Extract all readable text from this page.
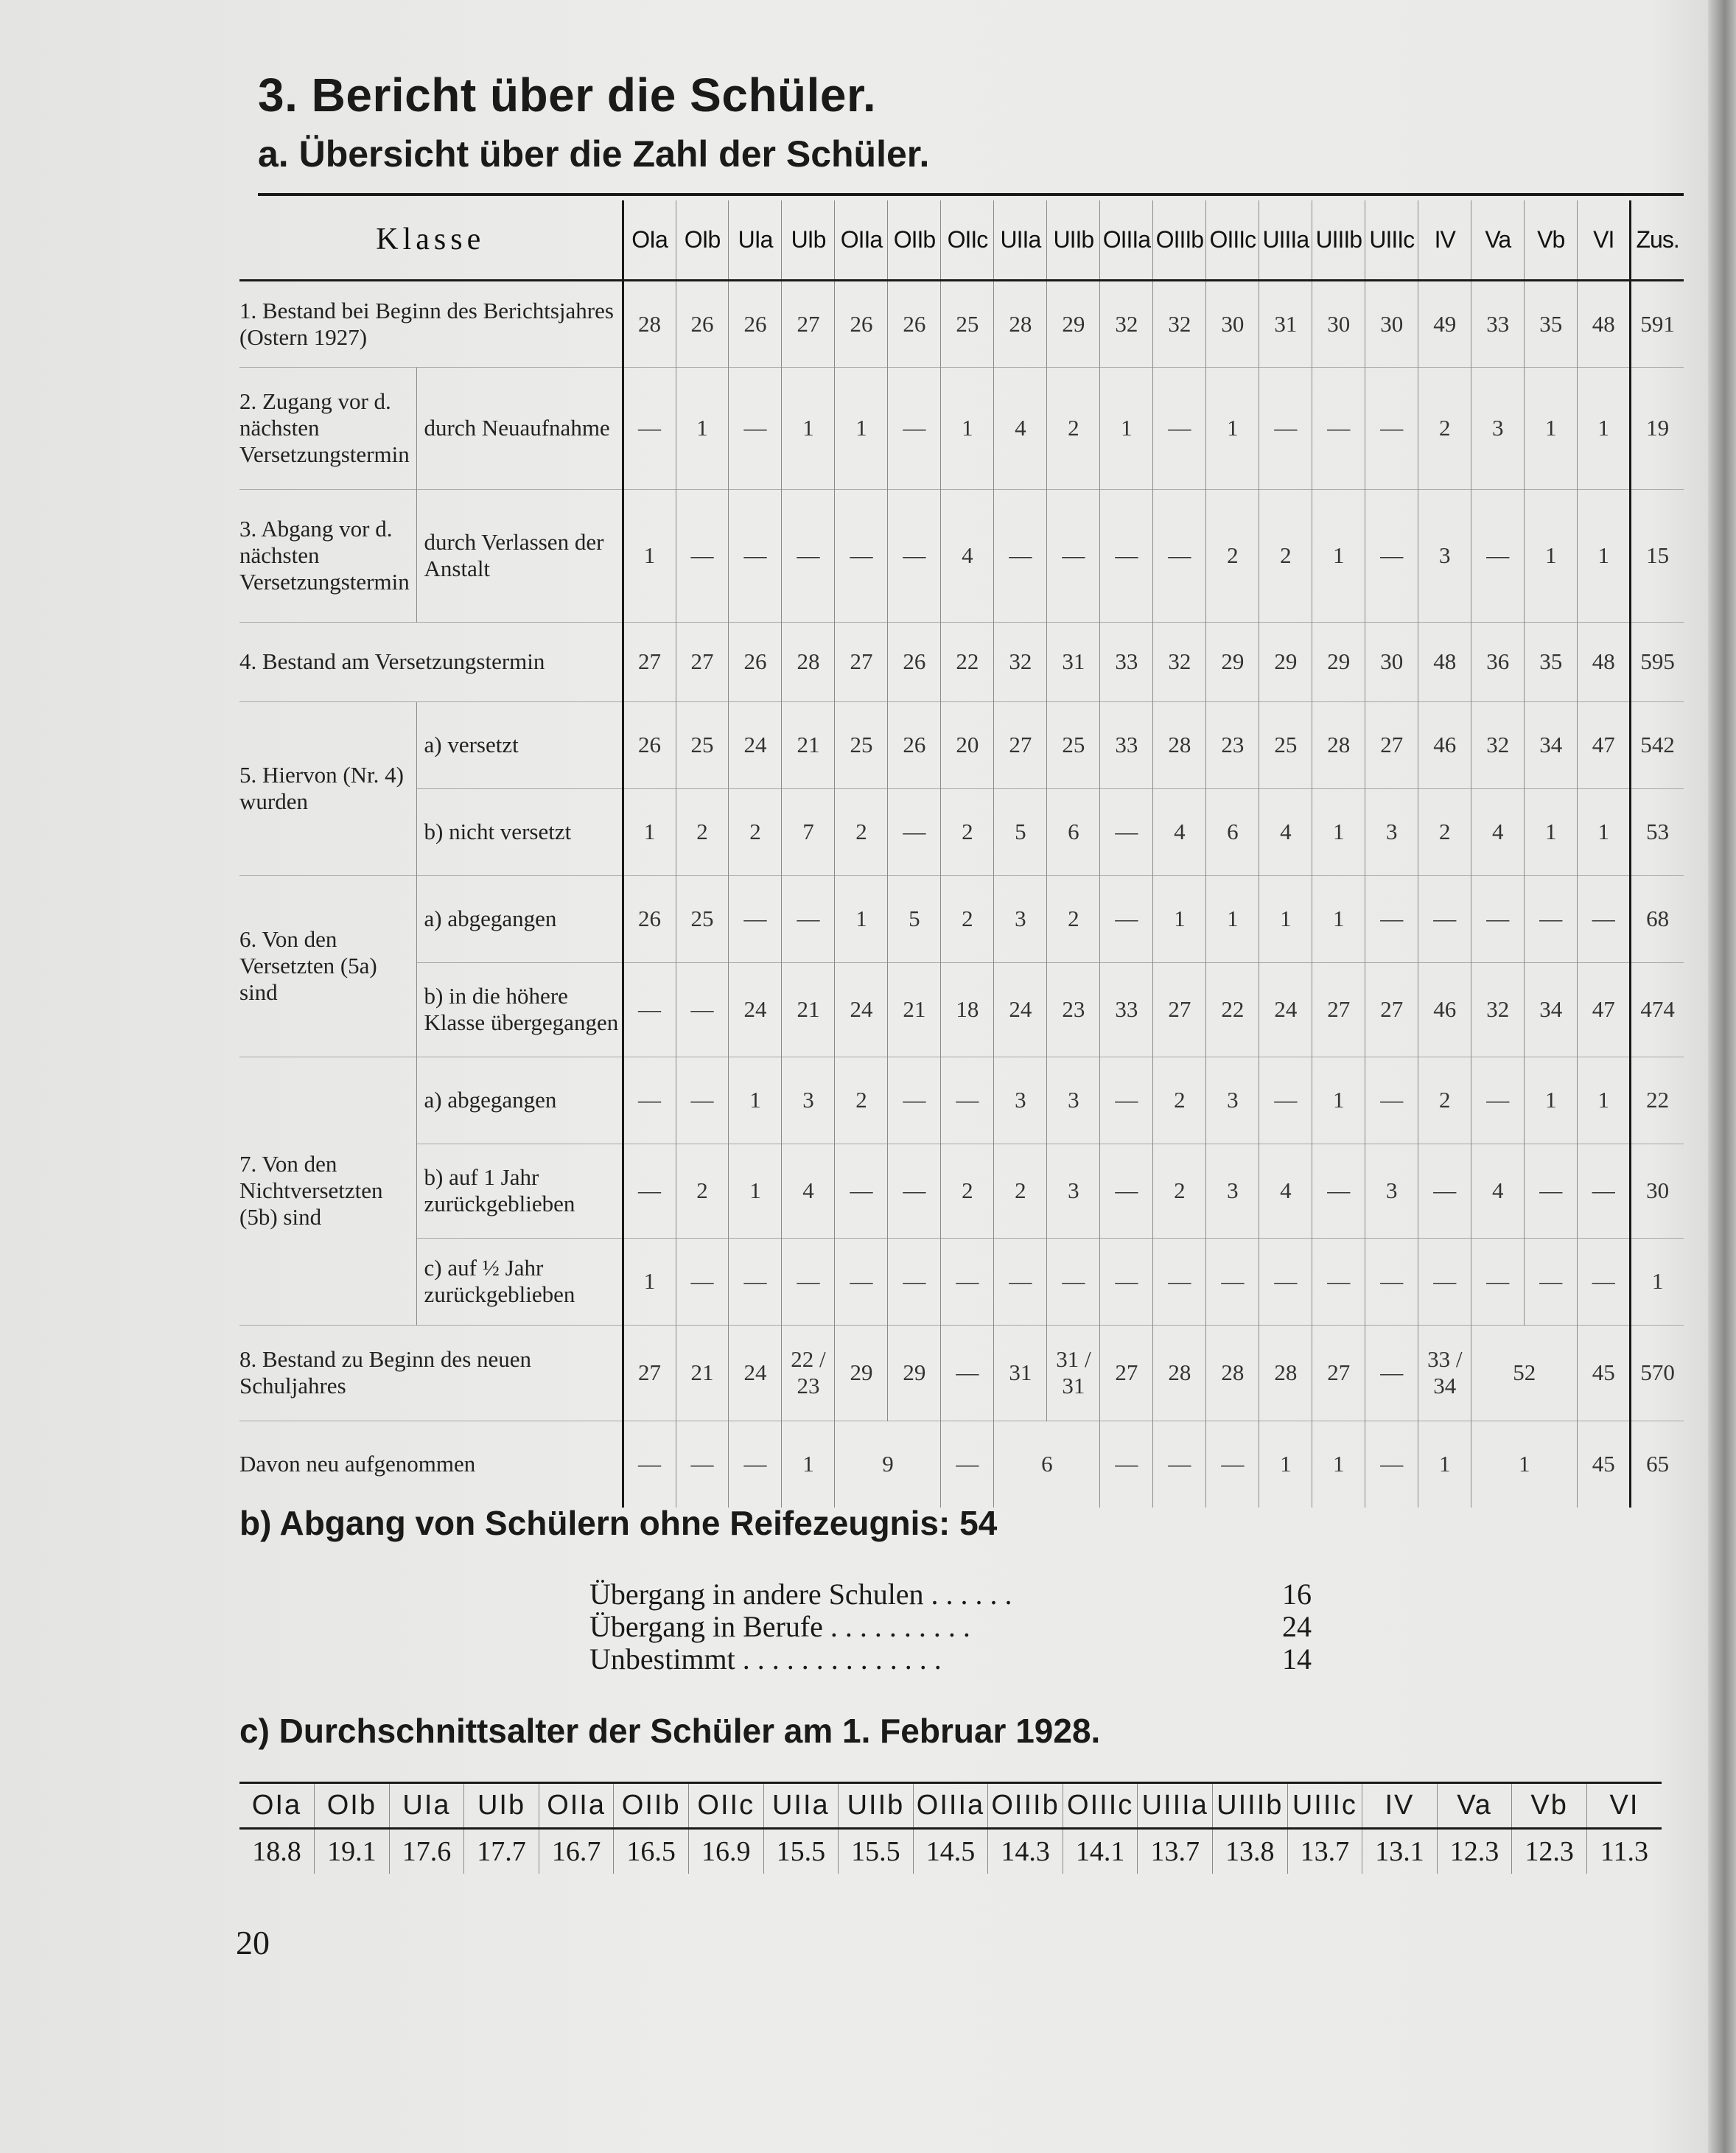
3. Bericht über die Schüler.
a. Übersicht über die Zahl der Schüler.
Klasse		OIa	OIb	UIa	UIb	OIIa	OIIb	OIIc	UIIa	UIIb	OIIIa	OIIIb	OIIIc	UIIIa	UIIIb	UIIIc	IV	Va	Vb	VI	Zus.
1. Bestand bei Beginn des Berichtsjahres (Ostern 1927)		28	26	26	27	26	26	25	28	29	32	32	30	31	30	30	49	33	35	48	591
2. Zugang vor d. nächsten Versetzungstermin	durch Neuaufnahme	—	1	—	1	1	—	1	4	2	1	—	1	—	—	—	2	3	1	1	19
3. Abgang vor d. nächsten Versetzungstermin	durch Verlassen der Anstalt	1	—	—	—	—	—	4	—	—	—	—	2	2	1	—	3	—	1	1	15
4. Bestand am Versetzungstermin		27	27	26	28	27	26	22	32	31	33	32	29	29	29	30	48	36	35	48	595
5. Hiervon (Nr. 4) wurden	a) versetzt	26	25	24	21	25	26	20	27	25	33	28	23	25	28	27	46	32	34	47	542
	b) nicht versetzt	1	2	2	7	2	—	2	5	6	—	4	6	4	1	3	2	4	1	1	53
6. Von den Versetzten (5a) sind	a) abgegangen	26	25	—	—	1	5	2	3	2	—	1	1	1	1	—	—	—	—	—	68
	b) in die höhere Klasse übergegangen	—	—	24	21	24	21	18	24	23	33	27	22	24	27	27	46	32	34	47	474
7. Von den Nichtversetzten (5b) sind	a) abgegangen	—	—	1	3	2	—	—	3	3	—	2	3	—	1	—	2	—	1	1	22
	b) auf 1 Jahr zurückgeblieben	—	2	1	4	—	—	2	2	3	—	2	3	4	—	3	—	4	—	—	30
	c) auf ½ Jahr zurückgeblieben	1	—	—	—	—	—	—	—	—	—	—	—	—	—	—	—	—	—	—	1
8. Bestand zu Beginn des neuen Schuljahres		27	21	24	22 / 23	29	29	—	31	31 / 31	27	28	28	28	27	—	33 / 34	52		45	570
Davon neu aufgenommen		—	—	—	1	9		—	6		—	—	—	1	1	—	1	1		45	65
b) Abgang von Schülern ohne Reifezeugnis: 54
Übergang in andere Schulen . . . . . .	16
Übergang in Berufe . . . . . . . . . .	24
Unbestimmt . . . . . . . . . . . . . .	14
c) Durchschnittsalter der Schüler am 1. Februar 1928.
OIa	OIb	UIa	UIb	OIIa	OIIb	OIIc	UIIa	UIIb	OIIIa	OIIIb	OIIIc	UIIIa	UIIIb	UIIIc	IV	Va	Vb	VI
18.8	19.1	17.6	17.7	16.7	16.5	16.9	15.5	15.5	14.5	14.3	14.1	13.7	13.8	13.7	13.1	12.3	12.3	11.3
20
